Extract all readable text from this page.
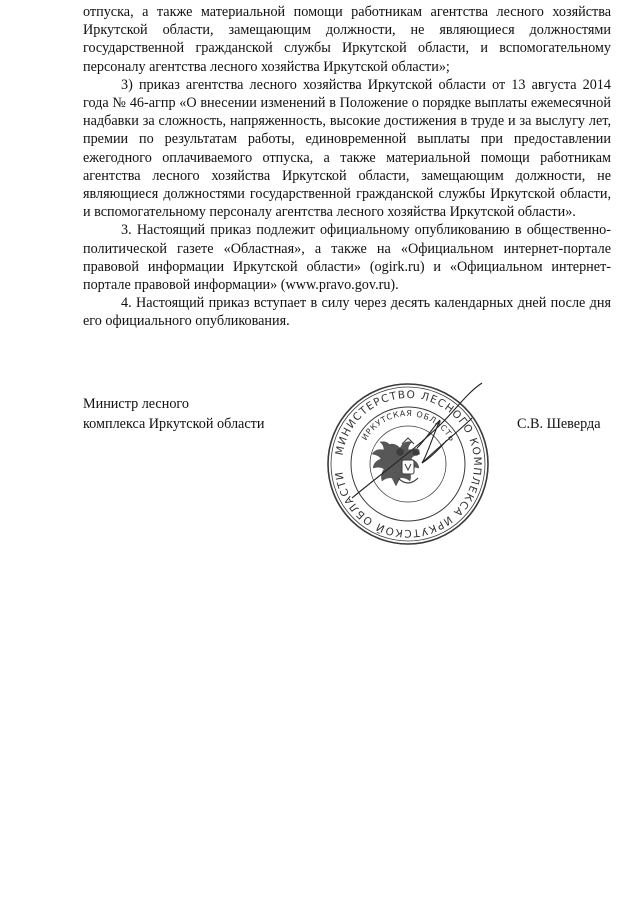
отпуска, а также материальной помощи работникам агентства лесного хозяйства Иркутской области, замещающим должности, не являющиеся должностями государственной гражданской службы Иркутской области, и вспомогательному персоналу агентства лесного хозяйства Иркутской области»;

3) приказ агентства лесного хозяйства Иркутской области от 13 августа 2014 года № 46-агпр «О внесении изменений в Положение о порядке выплаты ежемесячной надбавки за сложность, напряженность, высокие достижения в труде и за выслугу лет, премии по результатам работы, единовременной выплаты при предоставлении ежегодного оплачиваемого отпуска, а также материальной помощи работникам агентства лесного хозяйства Иркутской области, замещающим должности, не являющиеся должностями государственной гражданской службы Иркутской области, и вспомогательному персоналу агентства лесного хозяйства Иркутской области».

3. Настоящий приказ подлежит официальному опубликованию в общественно-политической газете «Областная», а также на «Официальном интернет-портале правовой информации Иркутской области» (ogirk.ru) и «Официальном интернет-портале правовой информации» (www.pravo.gov.ru).

4. Настоящий приказ вступает в силу через десять календарных дней после дня его официального опубликования.

Министр лесного
комплекса Иркутской области
МИНИСТЕРСТВО ЛЕСНОГО КОМПЛЕКСА ИРКУТСКОЙ ОБЛАСТИ
ИРКУТСКАЯ ОБЛАСТЬ
С.В. Шеверда
